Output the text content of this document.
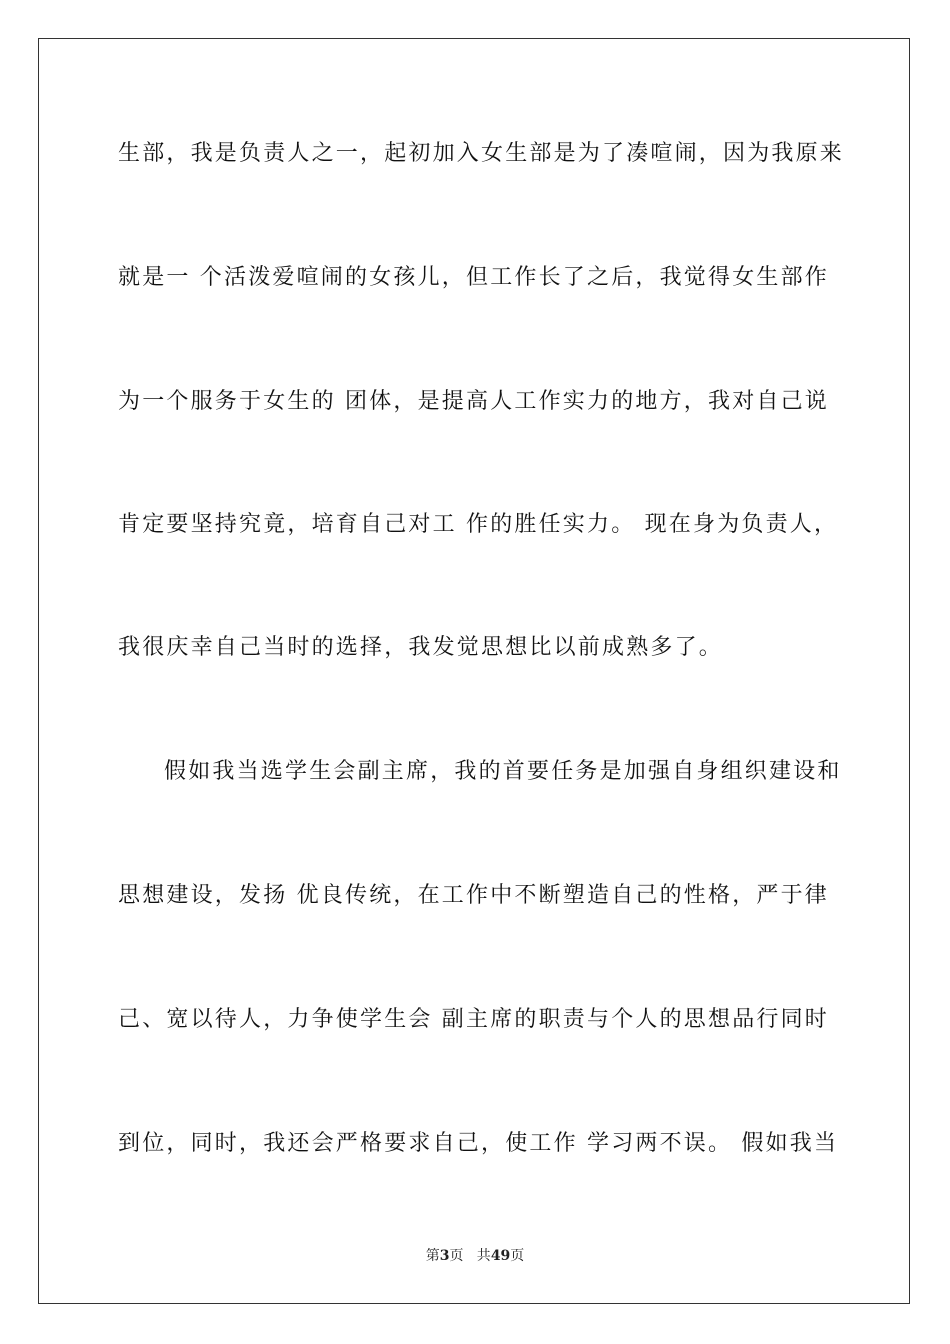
生部，我是负责人之一，起初加入女生部是为了凑喧闹，因为我原来
就是一 个活泼爱喧闹的女孩儿，但工作长了之后，我觉得女生部作
为一个服务于女生的 团体，是提高人工作实力的地方，我对自己说
肯定要坚持究竟，培育自己对工 作的胜任实力。 现在身为负责人，
我很庆幸自己当时的选择，我发觉思想比以前成熟多了。
假如我当选学生会副主席，我的首要任务是加强自身组织建设和
思想建设，发扬 优良传统，在工作中不断塑造自己的性格，严于律
己、宽以待人，力争使学生会 副主席的职责与个人的思想品行同时
到位，同时，我还会严格要求自己，使工作 学习两不误。 假如我当
第3页   共49页
